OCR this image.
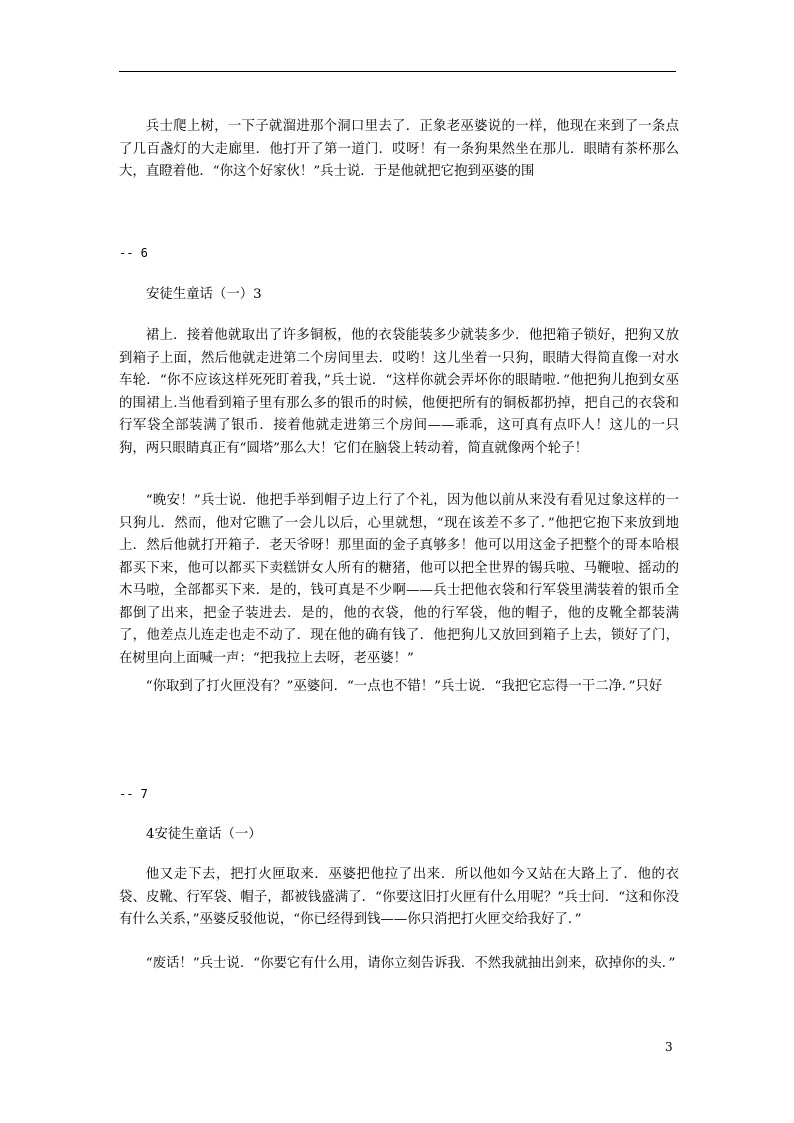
兵士爬上树，一下子就溜进那个洞口里去了．正象老巫婆说的一样，他现在来到了一条点了几百盏灯的大走廊里．他打开了第一道门．哎呀！有一条狗果然坐在那儿．眼睛有茶杯那么大，直瞪着他．“你这个好家伙！”兵士说．于是他就把它抱到巫婆的围

-- 6
安徒生童话（一）3

裙上．接着他就取出了许多铜板，他的衣袋能装多少就装多少．他把箱子锁好，把狗又放到箱子上面，然后他就走进第二个房间里去．哎哟！这儿坐着一只狗，眼睛大得简直像一对水车轮．“你不应该这样死死盯着我，”兵士说．“这样你就会弄坏你的眼睛啦．”他把狗儿抱到女巫的围裙上.当他看到箱子里有那么多的银币的时候，他便把所有的铜板都扔掉，把自己的衣袋和行军袋全部装满了银币．接着他就走进第三个房间——乖乖，这可真有点吓人！这儿的一只狗，两只眼睛真正有“圆塔”那么大！它们在脑袋上转动着，简直就像两个轮子！

“晚安！”兵士说．他把手举到帽子边上行了个礼，因为他以前从来没有看见过象这样的一只狗儿．然而，他对它瞧了一会儿以后，心里就想，“现在该差不多了．”他把它抱下来放到地上．然后他就打开箱子．老天爷呀！那里面的金子真够多！他可以用这金子把整个的哥本哈根都买下来，他可以都买下卖糕饼女人所有的糖猪，他可以把全世界的锡兵啦、马鞭啦、摇动的木马啦，全部都买下来．是的，钱可真是不少啊——兵士把他衣袋和行军袋里满装着的银币全都倒了出来，把金子装进去．是的，他的衣袋，他的行军袋，他的帽子，他的皮靴全都装满了，他差点儿连走也走不动了．现在他的确有钱了．他把狗儿又放回到箱子上去，锁好了门，在树里向上面喊一声：“把我拉上去呀，老巫婆！”

“你取到了打火匣没有？”巫婆问．“一点也不错！”兵士说．“我把它忘得一干二净．”只好

-- 7
4安徒生童话（一）

他又走下去，把打火匣取来．巫婆把他拉了出来．所以他如今又站在大路上了．他的衣袋、皮靴、行军袋、帽子，都被钱盛满了．“你要这旧打火匣有什么用呢？”兵士问．“这和你没有什么关系，”巫婆反驳他说，“你已经得到钱——你只消把打火匣交给我好了．”

“废话！”兵士说．“你要它有什么用，请你立刻告诉我．不然我就抽出剑来，砍掉你的头．”

3
